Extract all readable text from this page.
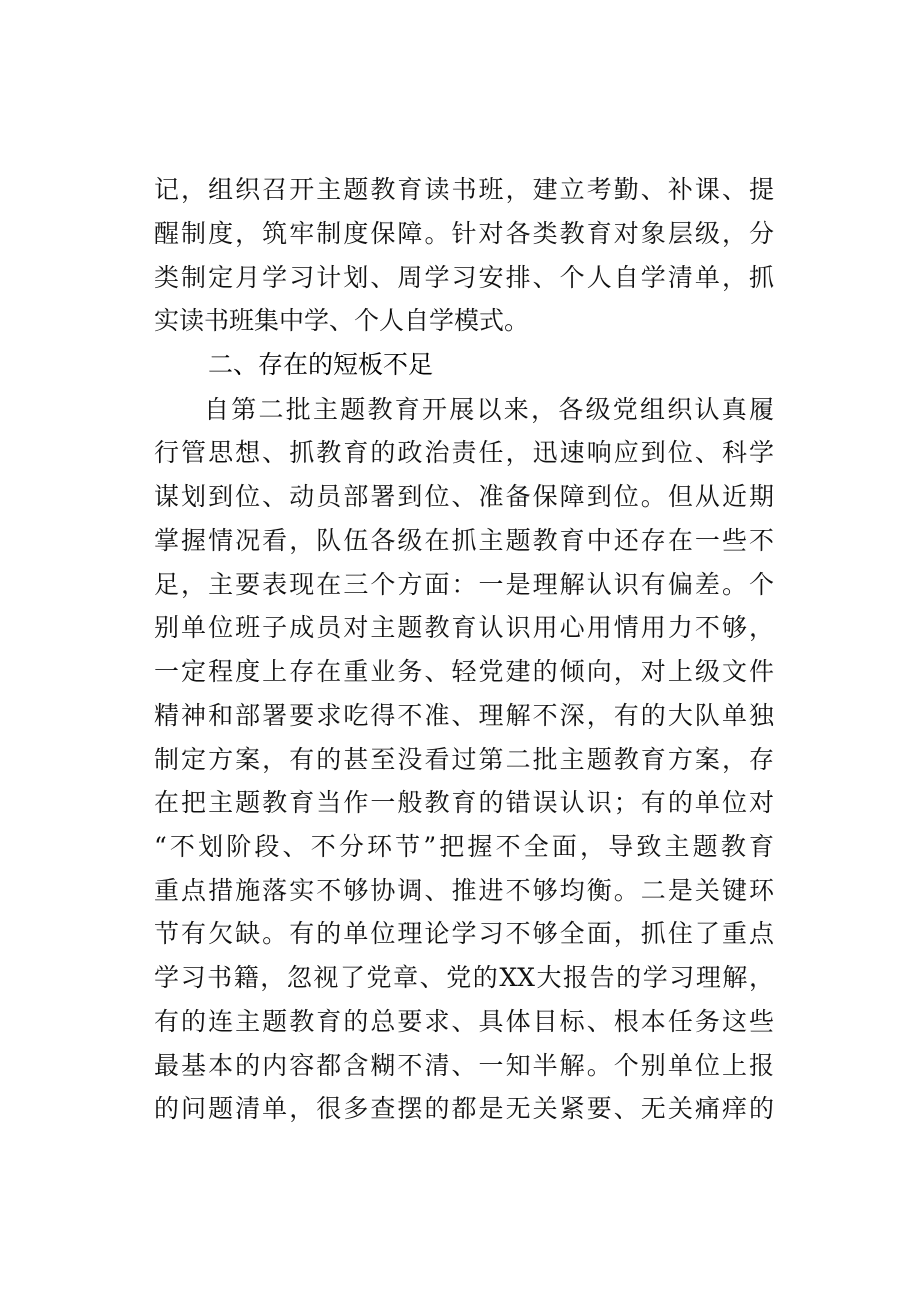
记，组织召开主题教育读书班，建立考勤、补课、提

醒制度，筑牢制度保障。针对各类教育对象层级，分

类制定月学习计划、周学习安排、个人自学清单，抓

实读书班集中学、个人自学模式。

二、存在的短板不足

自第二批主题教育开展以来，各级党组织认真履

行管思想、抓教育的政治责任，迅速响应到位、科学

谋划到位、动员部署到位、准备保障到位。但从近期

掌握情况看，队伍各级在抓主题教育中还存在一些不

足，主要表现在三个方面：一是理解认识有偏差。个

别单位班子成员对主题教育认识用心用情用力不够，

一定程度上存在重业务、轻党建的倾向，对上级文件

精神和部署要求吃得不准、理解不深，有的大队单独

制定方案，有的甚至没看过第二批主题教育方案，存

在把主题教育当作一般教育的错误认识；有的单位对

“不划阶段、不分环节”把握不全面，导致主题教育

重点措施落实不够协调、推进不够均衡。二是关键环

节有欠缺。有的单位理论学习不够全面，抓住了重点

学习书籍，忽视了党章、党的XX大报告的学习理解，

有的连主题教育的总要求、具体目标、根本任务这些

最基本的内容都含糊不清、一知半解。个别单位上报

的问题清单，很多查摆的都是无关紧要、无关痛痒的
